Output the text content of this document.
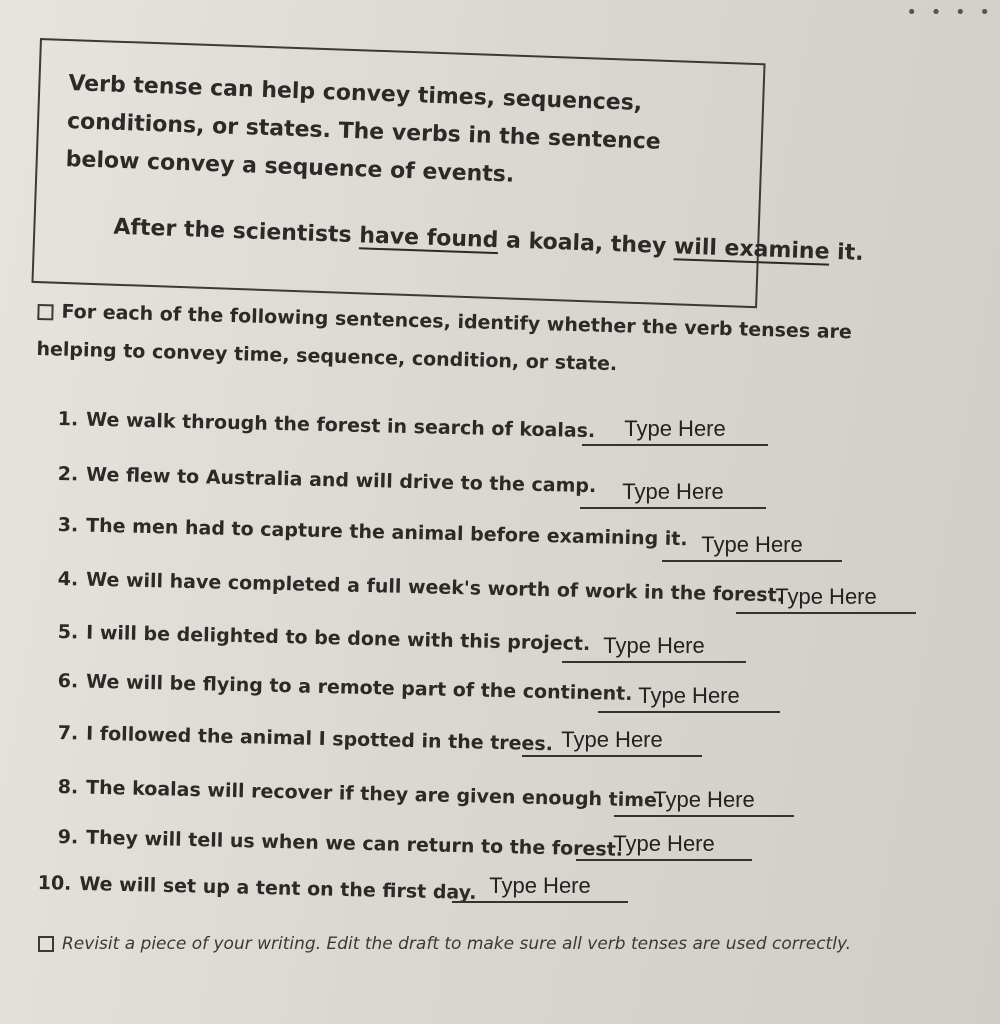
• • • •
Verb tense can help convey times, sequences, conditions, or states. The verbs in the sentence below convey a sequence of events.
After the scientists have found a koala, they will examine it.
For each of the following sentences, identify whether the verb tenses are helping to convey time, sequence, condition, or state.
1. We walk through the forest in search of koalas.	Type Here
2. We flew to Australia and will drive to the camp.	Type Here
3. The men had to capture the animal before examining it. Type Here
4. We will have completed a full week's worth of work in the forest.
Type Here
5. I will be delighted to be done with this project. Type Here
6. We will be flying to a remote part of the continent. Type Here
7. I followed the animal I spotted in the trees. Type Here
8. The koalas will recover if they are given enough time.
Type Here
9. They will tell us when we can return to the forest.
Type Here
10. We will set up a tent on the first day. Type Here
Revisit a piece of your writing. Edit the draft to make sure all verb tenses are used correctly.
